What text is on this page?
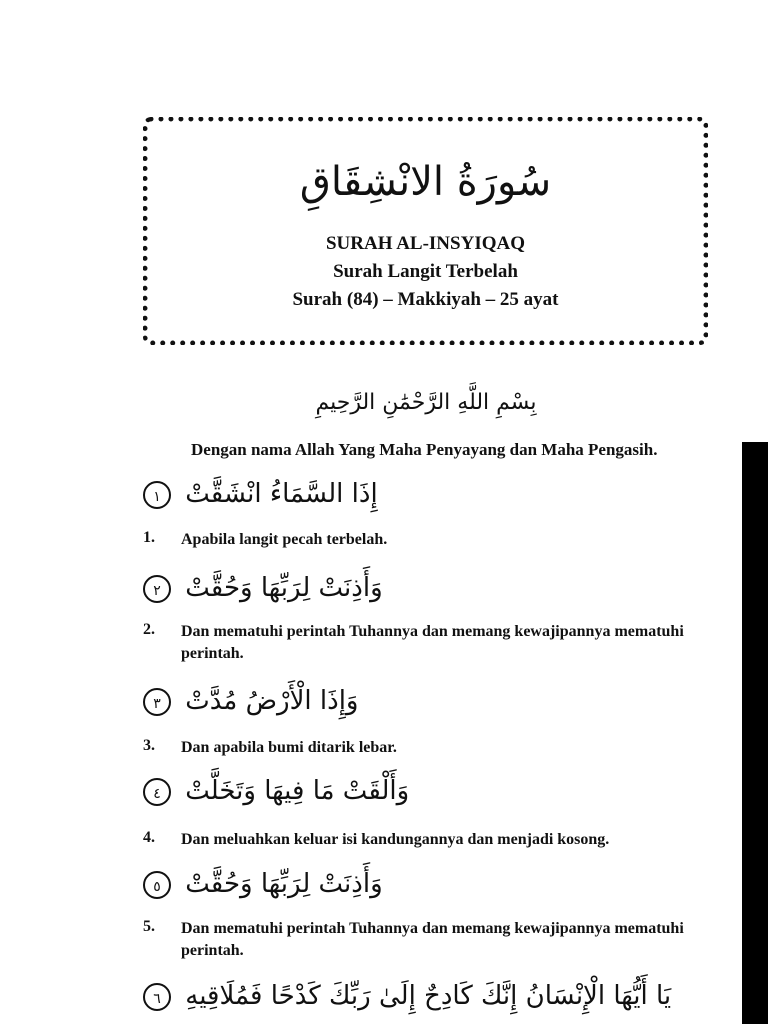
سُورَةُ الانْشِقَاقِ
SURAH AL-INSYIQAQ
Surah Langit Terbelah
Surah (84) – Makkiyah – 25 ayat
بِسْمِ اللَّهِ الرَّحْمَٰنِ الرَّحِيمِ
Dengan nama Allah Yang Maha Penyayang dan Maha Pengasih.
إِذَا السَّمَاءُ انْشَقَّتْ ١
1. Apabila langit pecah terbelah.
وَأَذِنَتْ لِرَبِّهَا وَحُقَّتْ ٢
2. Dan mematuhi perintah Tuhannya dan memang kewajipannya mematuhi perintah.
وَإِذَا الْأَرْضُ مُدَّتْ ٣
3. Dan apabila bumi ditarik lebar.
وَأَلْقَتْ مَا فِيهَا وَتَخَلَّتْ ٤
4. Dan meluahkan keluar isi kandungannya dan menjadi kosong.
وَأَذِنَتْ لِرَبِّهَا وَحُقَّتْ ٥
5. Dan mematuhi perintah Tuhannya dan memang kewajipannya mematuhi perintah.
يَا أَيُّهَا الْإِنْسَانُ إِنَّكَ كَادِحٌ إِلَىٰ رَبِّكَ كَدْحًا فَمُلَاقِيهِ ٦
